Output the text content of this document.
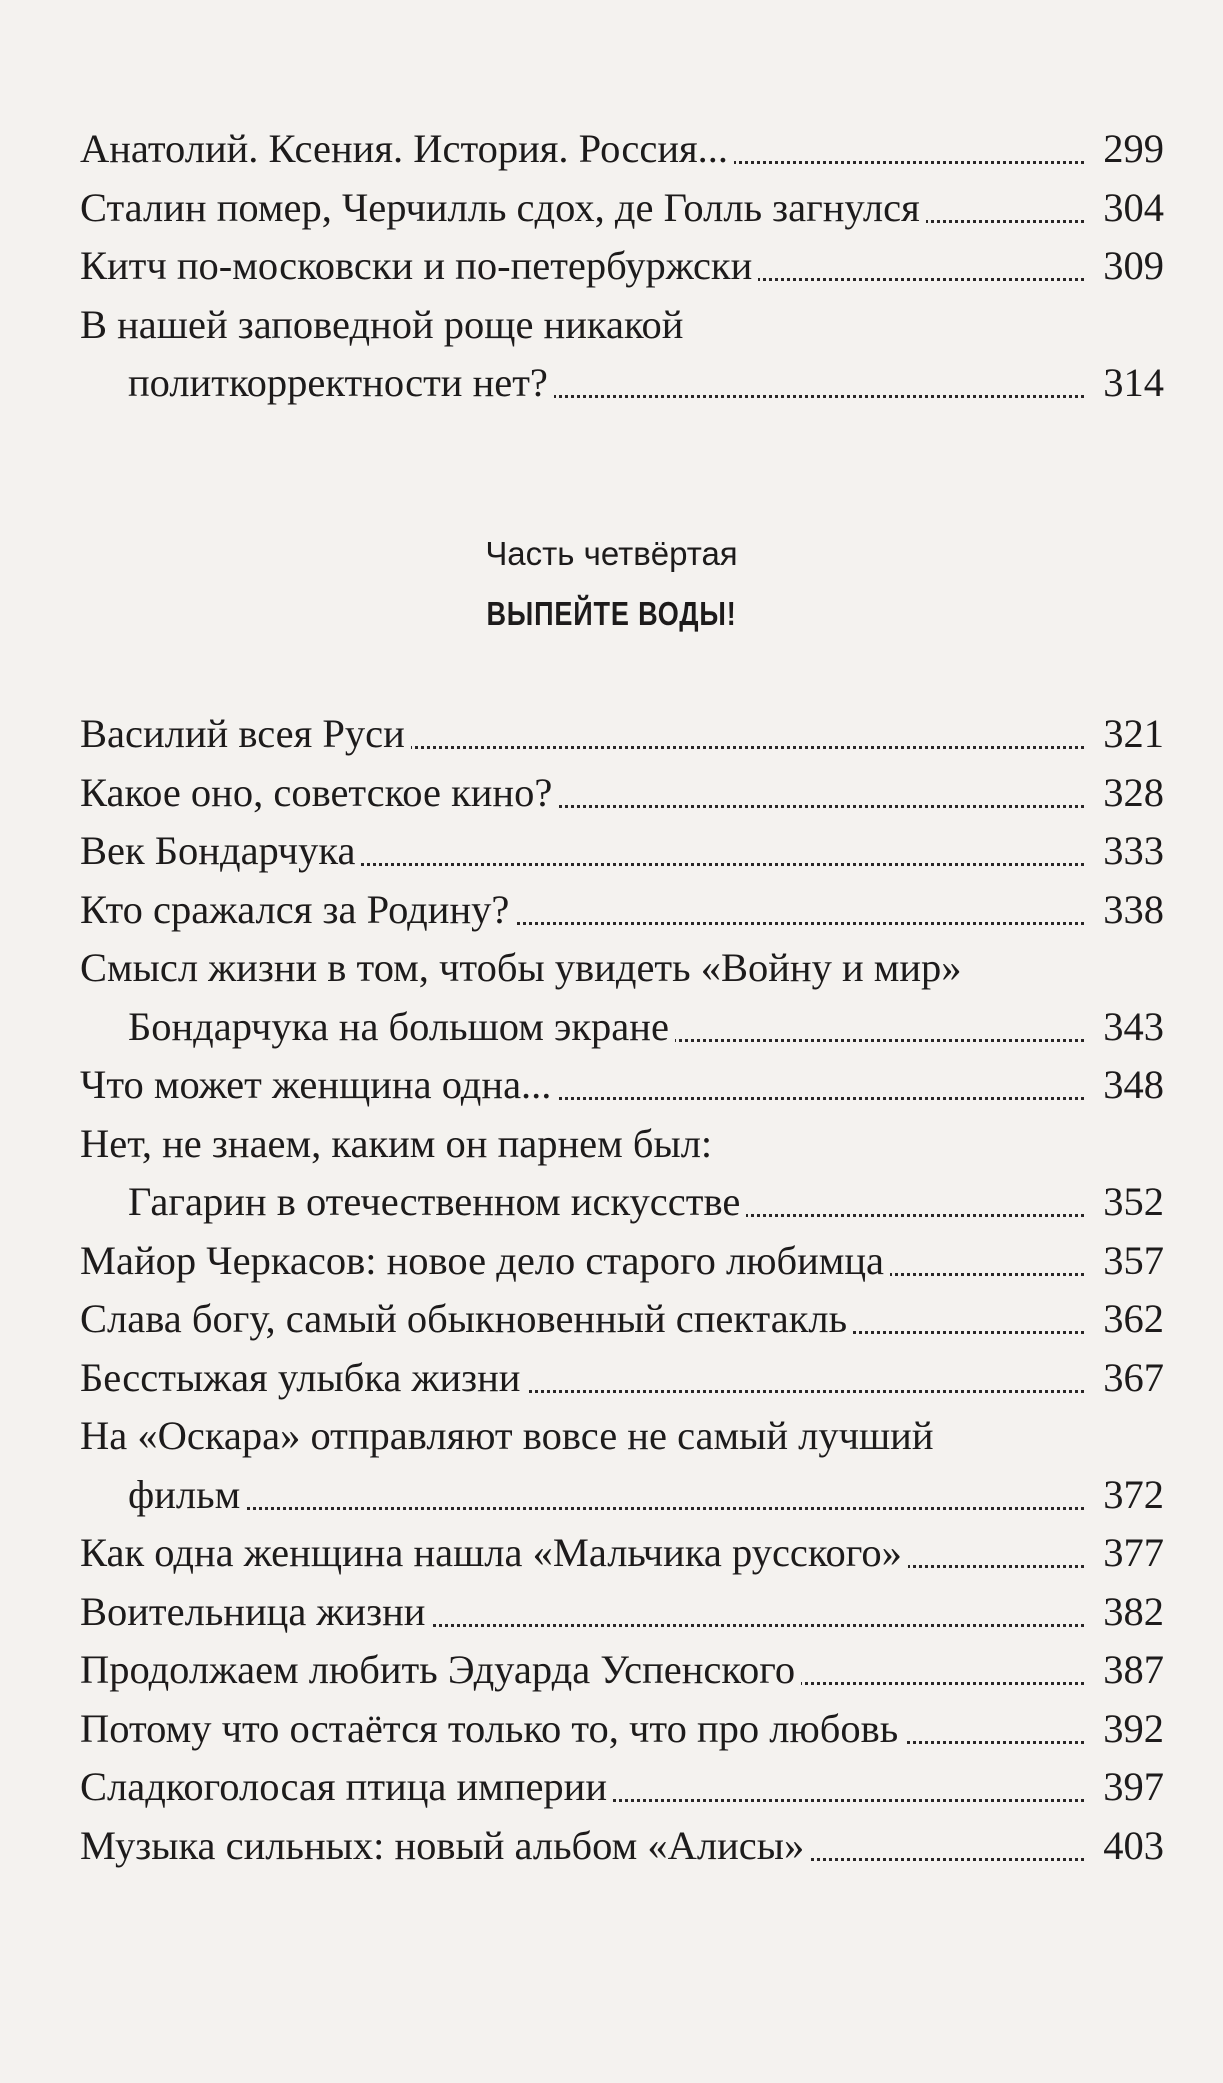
Анатолий. Ксения. История. Россия...	299
Сталин помер, Черчилль сдох, де Голль загнулся	304
Китч по-московски и по-петербуржски	309
В нашей заповедной роще никакой
политкорректности нет?	314
Часть четвёртая
ВЫПЕЙТЕ ВОДЫ!
Василий всея Руси	321
Какое оно, советское кино?	328
Век Бондарчука	333
Кто сражался за Родину?	338
Смысл жизни в том, чтобы увидеть «Войну и мир»
Бондарчука на большом экране	343
Что может женщина одна...	348
Нет, не знаем, каким он парнем был:
Гагарин в отечественном искусстве	352
Майор Черкасов: новое дело старого любимца	357
Слава богу, самый обыкновенный спектакль	362
Бесстыжая улыбка жизни	367
На «Оскара» отправляют вовсе не самый лучший
фильм	372
Как одна женщина нашла «Мальчика русского»	377
Воительница жизни	382
Продолжаем любить Эдуарда Успенского	387
Потому что остаётся только то, что про любовь	392
Сладкоголосая птица империи	397
Музыка сильных: новый альбом «Алисы»	403
